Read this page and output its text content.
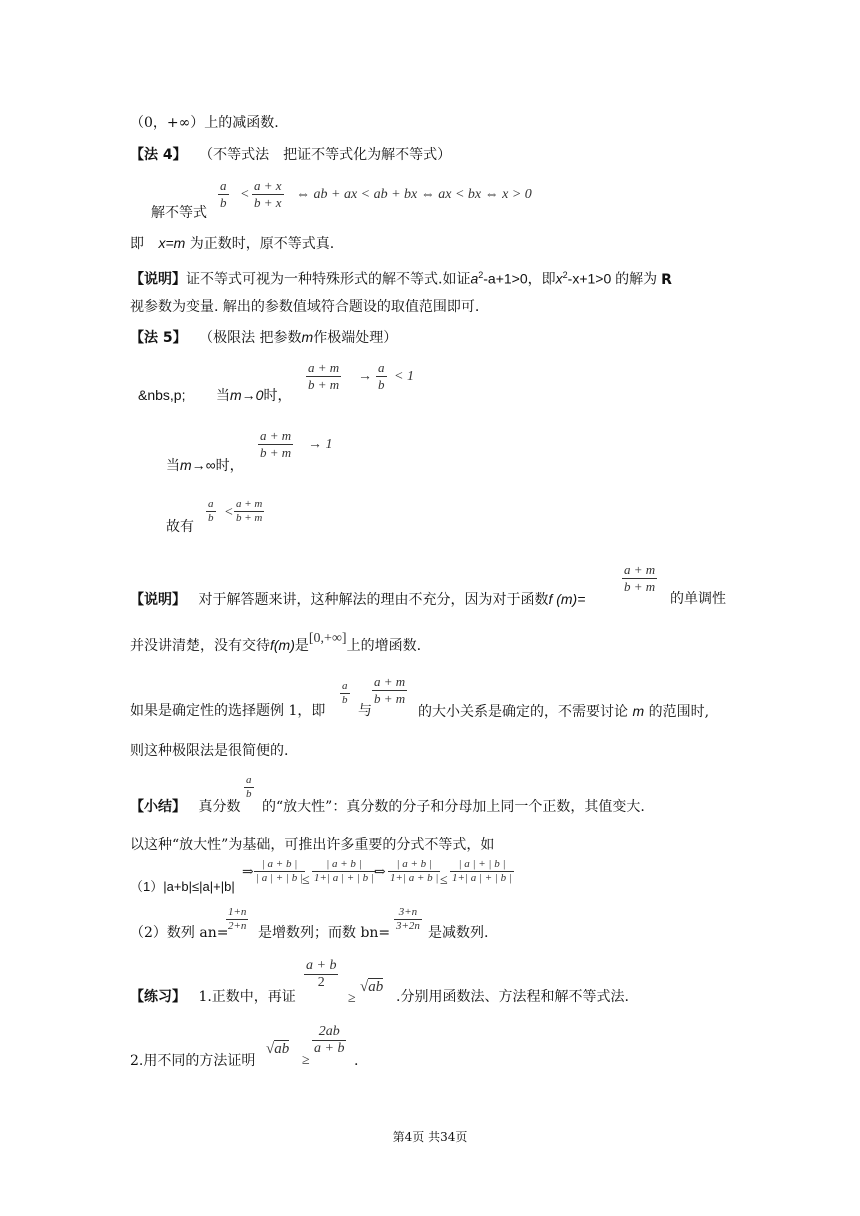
（0，+∞）上的减函数.
【法 4】 （不等式法　把证不等式化为解不等式）
解不等式
$\frac{a}{b} < \frac{a + x}{b + x}$ ⇔ ab + ax < ab + bx ⇔ ax < bx ⇔ x > 0
即 x=m 为正数时，原不等式真.
【说明】证不等式可视为一种特殊形式的解不等式.如证$a^2-a+1>0$，即$x^2-x+1>0$ 的解为 R
视参数为变量. 解出的参数值域符合题设的取值范围即可.
【法 5】 （极限法 把参数m作极端处理）
&nbs,p; 当m→0时，
$\frac{a + m}{b + m} \to \frac{a}{b} < 1$
当m→∞时，
$\frac{a + m}{b + m} \to 1$
故有
$\frac{a}{b} < \frac{a + m}{b + m}$
【说明】 对于解答题来讲，这种解法的理由不充分，因为对于函数f (m)=
$\frac{a + m}{b + m}$
的单调性
并没讲清楚，没有交待f(m)是[0,+∞]上的增函数.
如果是确定性的选择题例 1，即
$\frac{a}{b}$
与
$\frac{a + m}{b + m}$
的大小关系是确定的，不需要讨论 m 的范围时,
则这种极限法是很简便的.
【小结】 真分数
$\frac{a}{b}$
的“放大性”：真分数的分子和分母加上同一个正数，其值变大.
以这种“放大性”为基础，可推出许多重要的分式不等式，如
（1）|a+b|≤|a|+|b|
⇒ $\frac{| a + b |}{| a | + | b |}$
≤ $\frac{| a + b |}{1+| a | + | b |}$
⇒ $\frac{| a + b |}{1+| a + b |} \le \frac{| a | + | b |}{1+| a | + | b |}$
（2）数列 an=
$\frac{1+n}{2+n}$ 是增数列；而数 $bn= \frac{3+n}{3+2n}$ 是减数列.
【练习】 1.正数中，再证
$\frac{a + b}{2}$
≥
√ab
.分别用函数法、方法程和解不等式法.
2.用不同的方法证明
√ab
≥
$\frac{2ab}{a + b}$
.
第4页 共34页
